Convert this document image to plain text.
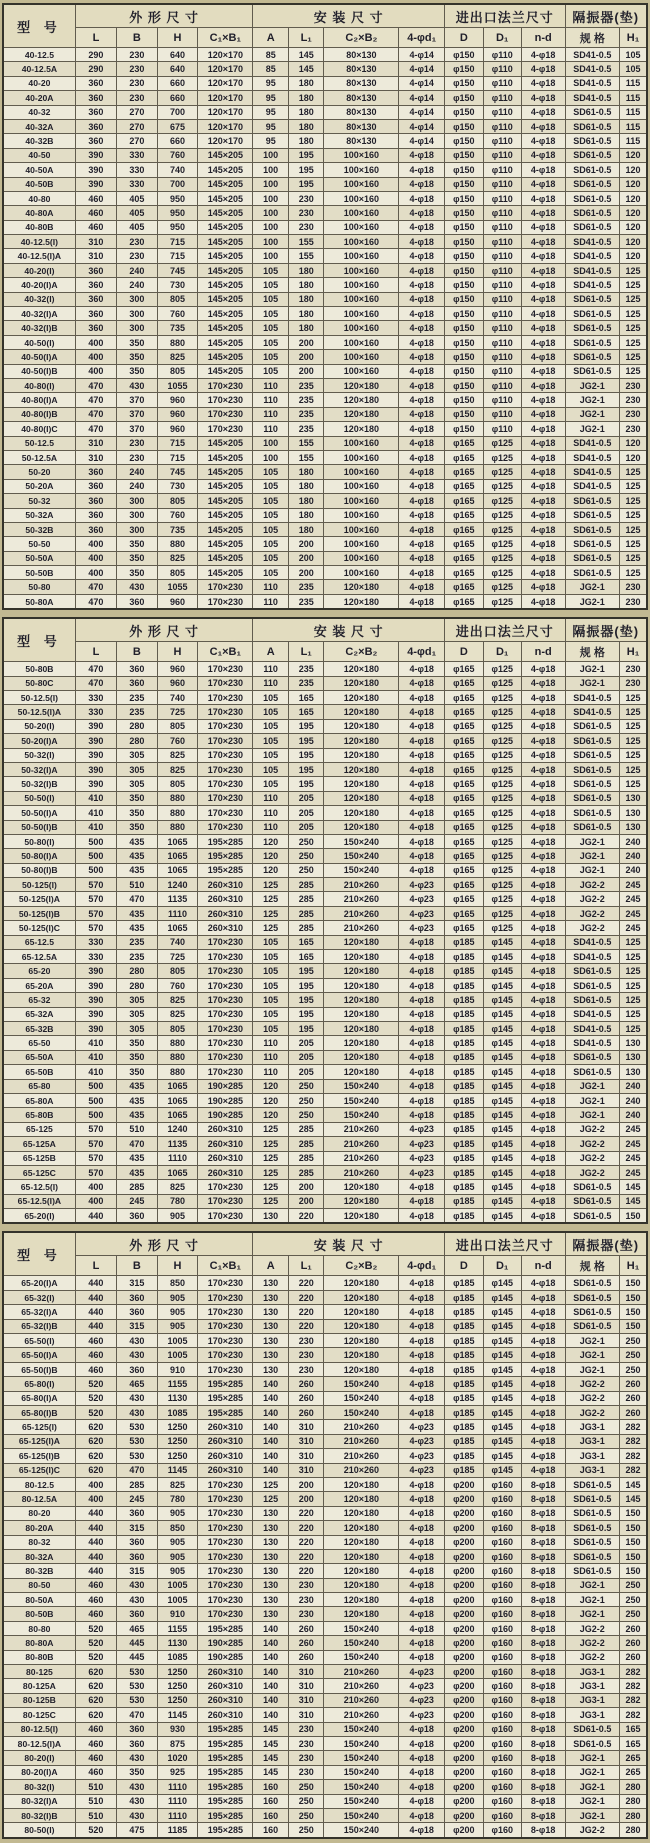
型 号	外 形 尺 寸				安 装 尺 寸				进出口法兰尺寸			隔振器(垫)	
	L	B	H	C₁×B₁	A	L₁	C₂×B₂	4-φd₁	D	D₁	n-d	规 格	H₁
40-12.5	290	230	640	120×170	85	145	80×130	4-φ14	φ150	φ110	4-φ18	SD41-0.5	105
40-12.5A	290	230	640	120×170	85	145	80×130	4-φ14	φ150	φ110	4-φ18	SD41-0.5	105
40-20	360	230	660	120×170	95	180	80×130	4-φ14	φ150	φ110	4-φ18	SD41-0.5	115
40-20A	360	230	660	120×170	95	180	80×130	4-φ14	φ150	φ110	4-φ18	SD41-0.5	115
40-32	360	270	700	120×170	95	180	80×130	4-φ14	φ150	φ110	4-φ18	SD61-0.5	115
40-32A	360	270	675	120×170	95	180	80×130	4-φ14	φ150	φ110	4-φ18	SD61-0.5	115
40-32B	360	270	660	120×170	95	180	80×130	4-φ14	φ150	φ110	4-φ18	SD61-0.5	115
40-50	390	330	760	145×205	100	195	100×160	4-φ18	φ150	φ110	4-φ18	SD61-0.5	120
40-50A	390	330	740	145×205	100	195	100×160	4-φ18	φ150	φ110	4-φ18	SD61-0.5	120
40-50B	390	330	700	145×205	100	195	100×160	4-φ18	φ150	φ110	4-φ18	SD61-0.5	120
40-80	460	405	950	145×205	100	230	100×160	4-φ18	φ150	φ110	4-φ18	SD61-0.5	120
40-80A	460	405	950	145×205	100	230	100×160	4-φ18	φ150	φ110	4-φ18	SD61-0.5	120
40-80B	460	405	950	145×205	100	230	100×160	4-φ18	φ150	φ110	4-φ18	SD61-0.5	120
40-12.5(I)	310	230	715	145×205	100	155	100×160	4-φ18	φ150	φ110	4-φ18	SD41-0.5	120
40-12.5(I)A	310	230	715	145×205	100	155	100×160	4-φ18	φ150	φ110	4-φ18	SD41-0.5	120
40-20(I)	360	240	745	145×205	105	180	100×160	4-φ18	φ150	φ110	4-φ18	SD41-0.5	125
40-20(I)A	360	240	730	145×205	105	180	100×160	4-φ18	φ150	φ110	4-φ18	SD41-0.5	125
40-32(I)	360	300	805	145×205	105	180	100×160	4-φ18	φ150	φ110	4-φ18	SD61-0.5	125
40-32(I)A	360	300	760	145×205	105	180	100×160	4-φ18	φ150	φ110	4-φ18	SD61-0.5	125
40-32(I)B	360	300	735	145×205	105	180	100×160	4-φ18	φ150	φ110	4-φ18	SD61-0.5	125
40-50(I)	400	350	880	145×205	105	200	100×160	4-φ18	φ150	φ110	4-φ18	SD61-0.5	125
40-50(I)A	400	350	825	145×205	105	200	100×160	4-φ18	φ150	φ110	4-φ18	SD61-0.5	125
40-50(I)B	400	350	805	145×205	105	200	100×160	4-φ18	φ150	φ110	4-φ18	SD61-0.5	125
40-80(I)	470	430	1055	170×230	110	235	120×180	4-φ18	φ150	φ110	4-φ18	JG2-1	230
40-80(I)A	470	370	960	170×230	110	235	120×180	4-φ18	φ150	φ110	4-φ18	JG2-1	230
40-80(I)B	470	370	960	170×230	110	235	120×180	4-φ18	φ150	φ110	4-φ18	JG2-1	230
40-80(I)C	470	370	960	170×230	110	235	120×180	4-φ18	φ150	φ110	4-φ18	JG2-1	230
50-12.5	310	230	715	145×205	100	155	100×160	4-φ18	φ165	φ125	4-φ18	SD41-0.5	120
50-12.5A	310	230	715	145×205	100	155	100×160	4-φ18	φ165	φ125	4-φ18	SD41-0.5	120
50-20	360	240	745	145×205	105	180	100×160	4-φ18	φ165	φ125	4-φ18	SD41-0.5	125
50-20A	360	240	730	145×205	105	180	100×160	4-φ18	φ165	φ125	4-φ18	SD41-0.5	125
50-32	360	300	805	145×205	105	180	100×160	4-φ18	φ165	φ125	4-φ18	SD61-0.5	125
50-32A	360	300	760	145×205	105	180	100×160	4-φ18	φ165	φ125	4-φ18	SD61-0.5	125
50-32B	360	300	735	145×205	105	180	100×160	4-φ18	φ165	φ125	4-φ18	SD61-0.5	125
50-50	400	350	880	145×205	105	200	100×160	4-φ18	φ165	φ125	4-φ18	SD61-0.5	125
50-50A	400	350	825	145×205	105	200	100×160	4-φ18	φ165	φ125	4-φ18	SD61-0.5	125
50-50B	400	350	805	145×205	105	200	100×160	4-φ18	φ165	φ125	4-φ18	SD61-0.5	125
50-80	470	430	1055	170×230	110	235	120×180	4-φ18	φ165	φ125	4-φ18	JG2-1	230
50-80A	470	360	960	170×230	110	235	120×180	4-φ18	φ165	φ125	4-φ18	JG2-1	230
型 号	外 形 尺 寸				安 装 尺 寸				进出口法兰尺寸			隔振器(垫)	
	L	B	H	C₁×B₁	A	L₁	C₂×B₂	4-φd₁	D	D₁	n-d	规 格	H₁
50-80B	470	360	960	170×230	110	235	120×180	4-φ18	φ165	φ125	4-φ18	JG2-1	230
50-80C	470	360	960	170×230	110	235	120×180	4-φ18	φ165	φ125	4-φ18	JG2-1	230
50-12.5(I)	330	235	740	170×230	105	165	120×180	4-φ18	φ165	φ125	4-φ18	SD41-0.5	125
50-12.5(I)A	330	235	725	170×230	105	165	120×180	4-φ18	φ165	φ125	4-φ18	SD41-0.5	125
50-20(I)	390	280	805	170×230	105	195	120×180	4-φ18	φ165	φ125	4-φ18	SD61-0.5	125
50-20(I)A	390	280	760	170×230	105	195	120×180	4-φ18	φ165	φ125	4-φ18	SD61-0.5	125
50-32(I)	390	305	825	170×230	105	195	120×180	4-φ18	φ165	φ125	4-φ18	SD61-0.5	125
50-32(I)A	390	305	825	170×230	105	195	120×180	4-φ18	φ165	φ125	4-φ18	SD61-0.5	125
50-32(I)B	390	305	805	170×230	105	195	120×180	4-φ18	φ165	φ125	4-φ18	SD61-0.5	125
50-50(I)	410	350	880	170×230	110	205	120×180	4-φ18	φ165	φ125	4-φ18	SD61-0.5	130
50-50(I)A	410	350	880	170×230	110	205	120×180	4-φ18	φ165	φ125	4-φ18	SD61-0.5	130
50-50(I)B	410	350	880	170×230	110	205	120×180	4-φ18	φ165	φ125	4-φ18	SD61-0.5	130
50-80(I)	500	435	1065	195×285	120	250	150×240	4-φ18	φ165	φ125	4-φ18	JG2-1	240
50-80(I)A	500	435	1065	195×285	120	250	150×240	4-φ18	φ165	φ125	4-φ18	JG2-1	240
50-80(I)B	500	435	1065	195×285	120	250	150×240	4-φ18	φ165	φ125	4-φ18	JG2-1	240
50-125(I)	570	510	1240	260×310	125	285	210×260	4-φ23	φ165	φ125	4-φ18	JG2-2	245
50-125(I)A	570	470	1135	260×310	125	285	210×260	4-φ23	φ165	φ125	4-φ18	JG2-2	245
50-125(I)B	570	435	1110	260×310	125	285	210×260	4-φ23	φ165	φ125	4-φ18	JG2-2	245
50-125(I)C	570	435	1065	260×310	125	285	210×260	4-φ23	φ165	φ125	4-φ18	JG2-2	245
65-12.5	330	235	740	170×230	105	165	120×180	4-φ18	φ185	φ145	4-φ18	SD41-0.5	125
65-12.5A	330	235	725	170×230	105	165	120×180	4-φ18	φ185	φ145	4-φ18	SD41-0.5	125
65-20	390	280	805	170×230	105	195	120×180	4-φ18	φ185	φ145	4-φ18	SD61-0.5	125
65-20A	390	280	760	170×230	105	195	120×180	4-φ18	φ185	φ145	4-φ18	SD61-0.5	125
65-32	390	305	825	170×230	105	195	120×180	4-φ18	φ185	φ145	4-φ18	SD61-0.5	125
65-32A	390	305	825	170×230	105	195	120×180	4-φ18	φ185	φ145	4-φ18	SD41-0.5	125
65-32B	390	305	805	170×230	105	195	120×180	4-φ18	φ185	φ145	4-φ18	SD41-0.5	125
65-50	410	350	880	170×230	110	205	120×180	4-φ18	φ185	φ145	4-φ18	SD41-0.5	130
65-50A	410	350	880	170×230	110	205	120×180	4-φ18	φ185	φ145	4-φ18	SD61-0.5	130
65-50B	410	350	880	170×230	110	205	120×180	4-φ18	φ185	φ145	4-φ18	SD61-0.5	130
65-80	500	435	1065	190×285	120	250	150×240	4-φ18	φ185	φ145	4-φ18	JG2-1	240
65-80A	500	435	1065	190×285	120	250	150×240	4-φ18	φ185	φ145	4-φ18	JG2-1	240
65-80B	500	435	1065	190×285	120	250	150×240	4-φ18	φ185	φ145	4-φ18	JG2-1	240
65-125	570	510	1240	260×310	125	285	210×260	4-φ23	φ185	φ145	4-φ18	JG2-2	245
65-125A	570	470	1135	260×310	125	285	210×260	4-φ23	φ185	φ145	4-φ18	JG2-2	245
65-125B	570	435	1110	260×310	125	285	210×260	4-φ23	φ185	φ145	4-φ18	JG2-2	245
65-125C	570	435	1065	260×310	125	285	210×260	4-φ23	φ185	φ145	4-φ18	JG2-2	245
65-12.5(I)	400	285	825	170×230	125	200	120×180	4-φ18	φ185	φ145	4-φ18	SD61-0.5	145
65-12.5(I)A	400	245	780	170×230	125	200	120×180	4-φ18	φ185	φ145	4-φ18	SD61-0.5	145
65-20(I)	440	360	905	170×230	130	220	120×180	4-φ18	φ185	φ145	4-φ18	SD61-0.5	150
型 号	外 形 尺 寸				安 装 尺 寸				进出口法兰尺寸			隔振器(垫)	
	L	B	H	C₁×B₁	A	L₁	C₂×B₂	4-φd₁	D	D₁	n-d	规 格	H₁
65-20(I)A	440	315	850	170×230	130	220	120×180	4-φ18	φ185	φ145	4-φ18	SD61-0.5	150
65-32(I)	440	360	905	170×230	130	220	120×180	4-φ18	φ185	φ145	4-φ18	SD61-0.5	150
65-32(I)A	440	360	905	170×230	130	220	120×180	4-φ18	φ185	φ145	4-φ18	SD61-0.5	150
65-32(I)B	440	315	905	170×230	130	220	120×180	4-φ18	φ185	φ145	4-φ18	SD61-0.5	150
65-50(I)	460	430	1005	170×230	130	230	120×180	4-φ18	φ185	φ145	4-φ18	JG2-1	250
65-50(I)A	460	430	1005	170×230	130	230	120×180	4-φ18	φ185	φ145	4-φ18	JG2-1	250
65-50(I)B	460	360	910	170×230	130	230	120×180	4-φ18	φ185	φ145	4-φ18	JG2-1	250
65-80(I)	520	465	1155	195×285	140	260	150×240	4-φ18	φ185	φ145	4-φ18	JG2-2	260
65-80(I)A	520	430	1130	195×285	140	260	150×240	4-φ18	φ185	φ145	4-φ18	JG2-2	260
65-80(I)B	520	430	1085	195×285	140	260	150×240	4-φ18	φ185	φ145	4-φ18	JG2-2	260
65-125(I)	620	530	1250	260×310	140	310	210×260	4-φ23	φ185	φ145	4-φ18	JG3-1	282
65-125(I)A	620	530	1250	260×310	140	310	210×260	4-φ23	φ185	φ145	4-φ18	JG3-1	282
65-125(I)B	620	530	1250	260×310	140	310	210×260	4-φ23	φ185	φ145	4-φ18	JG3-1	282
65-125(I)C	620	470	1145	260×310	140	310	210×260	4-φ23	φ185	φ145	4-φ18	JG3-1	282
80-12.5	400	285	825	170×230	125	200	120×180	4-φ18	φ200	φ160	8-φ18	SD61-0.5	145
80-12.5A	400	245	780	170×230	125	200	120×180	4-φ18	φ200	φ160	8-φ18	SD61-0.5	145
80-20	440	360	905	170×230	130	220	120×180	4-φ18	φ200	φ160	8-φ18	SD61-0.5	150
80-20A	440	315	850	170×230	130	220	120×180	4-φ18	φ200	φ160	8-φ18	SD61-0.5	150
80-32	440	360	905	170×230	130	220	120×180	4-φ18	φ200	φ160	8-φ18	SD61-0.5	150
80-32A	440	360	905	170×230	130	220	120×180	4-φ18	φ200	φ160	8-φ18	SD61-0.5	150
80-32B	440	315	905	170×230	130	220	120×180	4-φ18	φ200	φ160	8-φ18	SD61-0.5	150
80-50	460	430	1005	170×230	130	230	120×180	4-φ18	φ200	φ160	8-φ18	JG2-1	250
80-50A	460	430	1005	170×230	130	230	120×180	4-φ18	φ200	φ160	8-φ18	JG2-1	250
80-50B	460	360	910	170×230	130	230	120×180	4-φ18	φ200	φ160	8-φ18	JG2-1	250
80-80	520	465	1155	195×285	140	260	150×240	4-φ18	φ200	φ160	8-φ18	JG2-2	260
80-80A	520	445	1130	190×285	140	260	150×240	4-φ18	φ200	φ160	8-φ18	JG2-2	260
80-80B	520	445	1085	190×285	140	260	150×240	4-φ18	φ200	φ160	8-φ18	JG2-2	260
80-125	620	530	1250	260×310	140	310	210×260	4-φ23	φ200	φ160	8-φ18	JG3-1	282
80-125A	620	530	1250	260×310	140	310	210×260	4-φ23	φ200	φ160	8-φ18	JG3-1	282
80-125B	620	530	1250	260×310	140	310	210×260	4-φ23	φ200	φ160	8-φ18	JG3-1	282
80-125C	620	470	1145	260×310	140	310	210×260	4-φ23	φ200	φ160	8-φ18	JG3-1	282
80-12.5(I)	460	360	930	195×285	145	230	150×240	4-φ18	φ200	φ160	8-φ18	SD61-0.5	165
80-12.5(I)A	460	360	875	195×285	145	230	150×240	4-φ18	φ200	φ160	8-φ18	SD61-0.5	165
80-20(I)	460	430	1020	195×285	145	230	150×240	4-φ18	φ200	φ160	8-φ18	JG2-1	265
80-20(I)A	460	350	925	195×285	145	230	150×240	4-φ18	φ200	φ160	8-φ18	JG2-1	265
80-32(I)	510	430	1110	195×285	160	250	150×240	4-φ18	φ200	φ160	8-φ18	JG2-1	280
80-32(I)A	510	430	1110	195×285	160	250	150×240	4-φ18	φ200	φ160	8-φ18	JG2-1	280
80-32(I)B	510	430	1110	195×285	160	250	150×240	4-φ18	φ200	φ160	8-φ18	JG2-1	280
80-50(I)	520	475	1185	195×285	160	250	150×240	4-φ18	φ200	φ160	8-φ18	JG2-2	280
